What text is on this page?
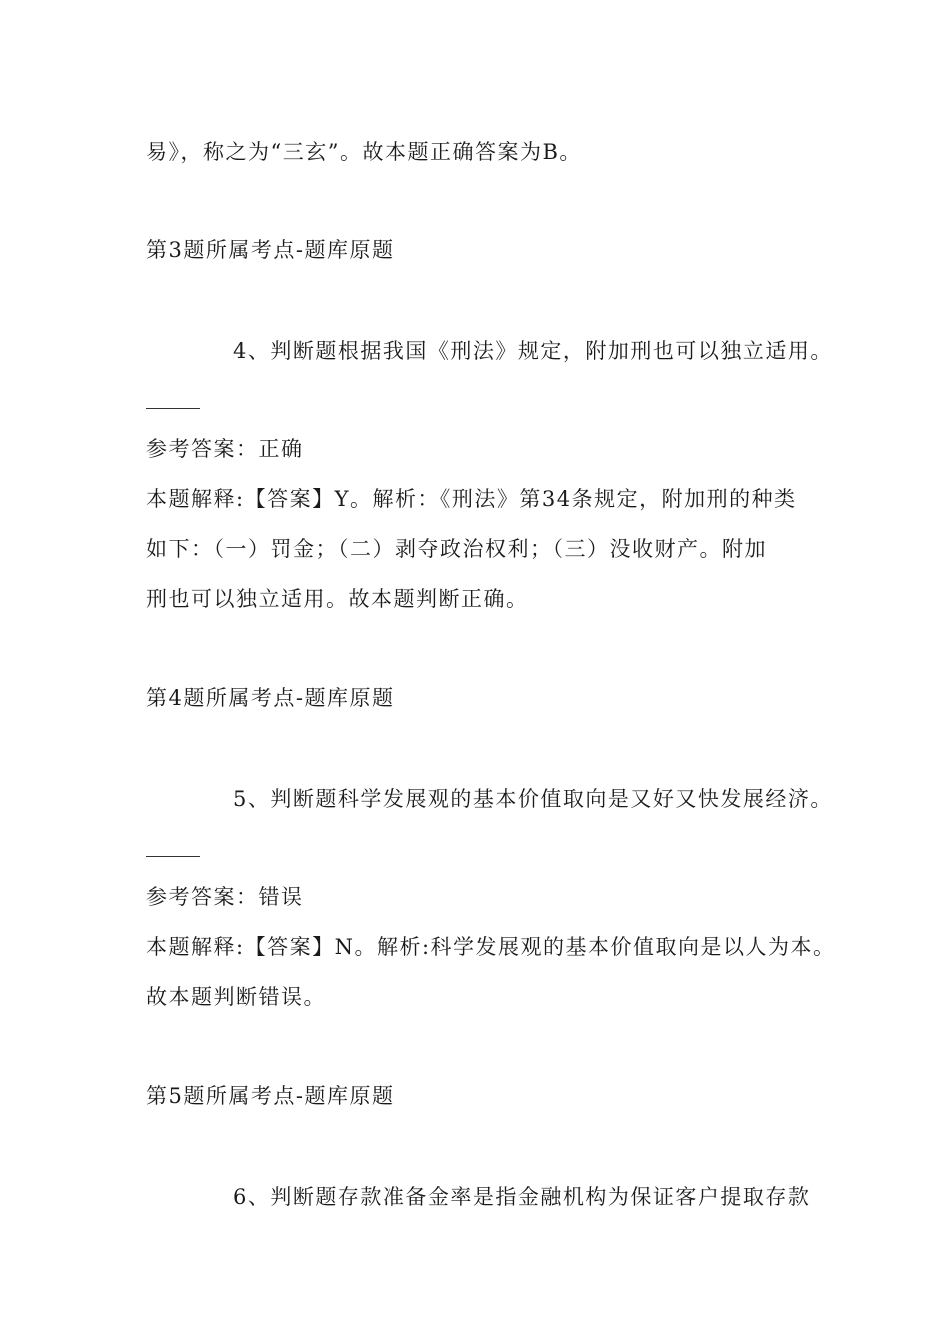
易》，称之为“三玄”。故本题正确答案为B。
第3题所属考点-题库原题
4、判断题根据我国《刑法》规定，附加刑也可以独立适用。
参考答案：正确
本题解释:【答案】Y。解析：《刑法》第34条规定，附加刑的种类
如下：（一）罚金；（二）剥夺政治权利；（三）没收财产。附加
刑也可以独立适用。故本题判断正确。
第4题所属考点-题库原题
5、判断题科学发展观的基本价值取向是又好又快发展经济。
参考答案：错误
本题解释:【答案】N。解析:科学发展观的基本价值取向是以人为本。
故本题判断错误。
第5题所属考点-题库原题
6、判断题存款准备金率是指金融机构为保证客户提取存款
